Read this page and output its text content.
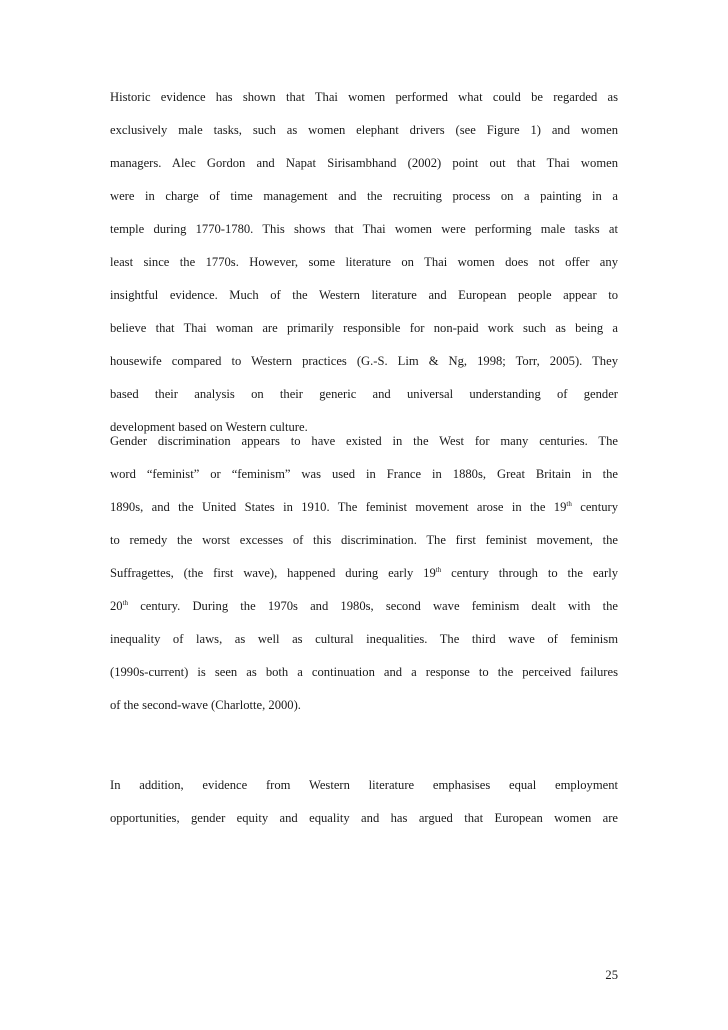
Historic evidence has shown that Thai women performed what could be regarded as
exclusively male tasks, such as women elephant drivers (see Figure 1) and women
managers. Alec Gordon and Napat Sirisambhand (2002) point out that Thai women
were in charge of time management and the recruiting process on a painting in a
temple during 1770-1780. This shows that Thai women were performing male tasks at
least since the 1770s. However, some literature on Thai women does not offer any
insightful evidence. Much of the Western literature and European people appear to
believe that Thai woman are primarily responsible for non-paid work such as being a
housewife compared to Western practices (G.-S. Lim & Ng, 1998; Torr, 2005). They
based their analysis on their generic and universal understanding of gender
development based on Western culture.

Gender discrimination appears to have existed in the West for many centuries. The
word “feminist” or “feminism” was used in France in 1880s, Great Britain in the
1890s, and the United States in 1910. The feminist movement arose in the 19th century
to remedy the worst excesses of this discrimination. The first feminist movement, the
Suffragettes, (the first wave), happened during early 19th century through to the early
20th century. During the 1970s and 1980s, second wave feminism dealt with the
inequality of laws, as well as cultural inequalities. The third wave of feminism
(1990s-current) is seen as both a continuation and a response to the perceived failures
of the second-wave (Charlotte, 2000).

In addition, evidence from Western literature emphasises equal employment
opportunities, gender equity and equality and has argued that European women are

25
